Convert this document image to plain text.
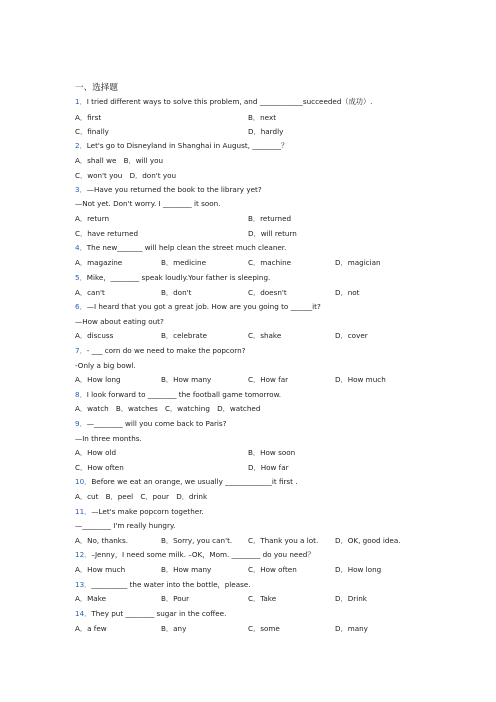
一、选择题
1．I tried different ways to solve this problem, and ____________succeeded（成功）.
A．first	B．next
C．finally	D．hardly
2．Let's go to Disneyland in Shanghai in August, ________？
A．shall we　B．will you
C．won't you　D．don't you
3．—Have you returned the book to the library yet?
—Not yet. Don't worry. I ________ it soon.
A．return	B．returned
C．have returned	D．will return
4．The new_______ will help clean the street much cleaner.
A．magazine	B．medicine	C．machine	D．magician
5．Mike，________ speak loudly.Your father is sleeping.
A．can't	B．don't	C．doesn't	D．not
6．—I heard that you got a great job. How are you going to ______it?
—How about eating out?
A．discuss	B．celebrate	C．shake	D．cover
7．- ___ corn do we need to make the popcorn?
-Only a big bowl.
A．How long	B．How many	C．How far	D．How much
8．I look forward to ________ the football game tomorrow.
A．watch　B．watches　C．watching　D．watched
9．—________ will you come back to Paris?
—In three months.
A．How old	B．How soon
C．How often	D．How far
10．Before we eat an orange, we usually _____________it first .
A．cut　B．peel　C．pour　D．drink
11．—Let's make popcorn together.
—________ I'm really hungry.
A．No, thanks.	B．Sorry, you can't. C．Thank you a lot. D．OK, good idea.
12．–Jenny，I need some milk. –OK，Mom. ________ do you need？
A．How much	B．How many	C．How often	D．How long
13．__________ the water into the bottle，please.
A．Make	B．Pour	C．Take	D．Drink
14．They put ________ sugar in the coffee.
A．a few	B．any	C．some	D．many
